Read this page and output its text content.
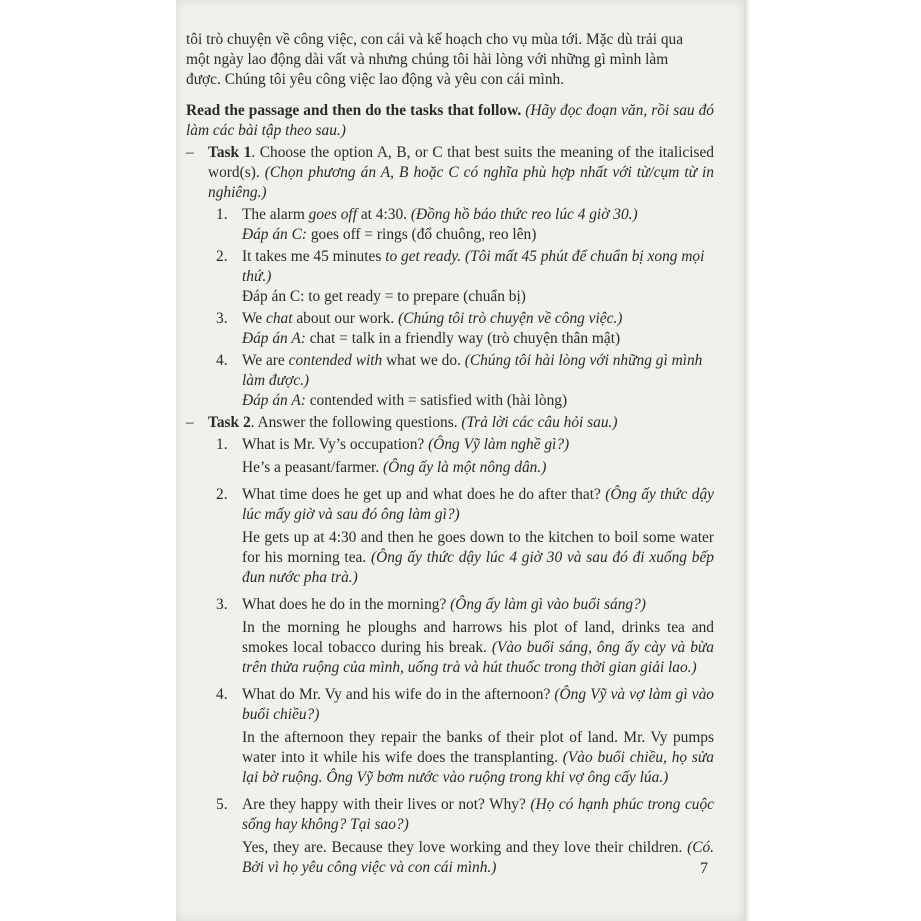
tôi trò chuyện về công việc, con cái và kế hoạch cho vụ mùa tới. Mặc dù trải qua

một ngày lao động dài vất và nhưng chúng tôi hài lòng với những gì mình làm

được. Chúng tôi yêu công việc lao động và yêu con cái mình.

Read the passage and then do the tasks that follow. (Hãy đọc đoạn văn, rồi sau đó làm các bài tập theo sau.)

– Task 1. Choose the option A, B, or C that best suits the meaning of the italicised word(s). (Chọn phương án A, B hoặc C có nghĩa phù hợp nhất với từ/cụm từ in nghiêng.)

1. The alarm goes off at 4:30. (Đồng hồ báo thức reo lúc 4 giờ 30.)
Đáp án C: goes off = rings (đổ chuông, reo lên)
2. It takes me 45 minutes to get ready. (Tôi mất 45 phút để chuẩn bị xong mọi thứ.)
Đáp án C: to get ready = to prepare (chuẩn bị)
3. We chat about our work. (Chúng tôi trò chuyện về công việc.)
Đáp án A: chat = talk in a friendly way (trò chuyện thân mật)
4. We are contended with what we do. (Chúng tôi hài lòng với những gì mình làm được.)
Đáp án A: contended with = satisfied with (hài lòng)
– Task 2. Answer the following questions. (Trả lời các câu hỏi sau.)

1. What is Mr. Vy’s occupation? (Ông Vỹ làm nghề gì?)
He’s a peasant/farmer. (Ông ấy là một nông dân.)
2. What time does he get up and what does he do after that? (Ông ấy thức dậy lúc mấy giờ và sau đó ông làm gì?)
He gets up at 4:30 and then he goes down to the kitchen to boil some water for his morning tea. (Ông ấy thức dậy lúc 4 giờ 30 và sau đó đi xuống bếp đun nước pha trà.)
3. What does he do in the morning? (Ông ấy làm gì vào buổi sáng?)
In the morning he ploughs and harrows his plot of land, drinks tea and smokes local tobacco during his break. (Vào buổi sáng, ông ấy cày và bừa trên thửa ruộng của mình, uống trà và hút thuốc trong thời gian giải lao.)
4. What do Mr. Vy and his wife do in the afternoon? (Ông Vỹ và vợ làm gì vào buổi chiều?)
In the afternoon they repair the banks of their plot of land. Mr. Vy pumps water into it while his wife does the transplanting. (Vào buổi chiều, họ sửa lại bờ ruộng. Ông Vỹ bơm nước vào ruộng trong khi vợ ông cấy lúa.)
5. Are they happy with their lives or not? Why? (Họ có hạnh phúc trong cuộc sống hay không? Tại sao?)
Yes, they are. Because they love working and they love their children. (Có. Bởi vì họ yêu công việc và con cái mình.)	7
